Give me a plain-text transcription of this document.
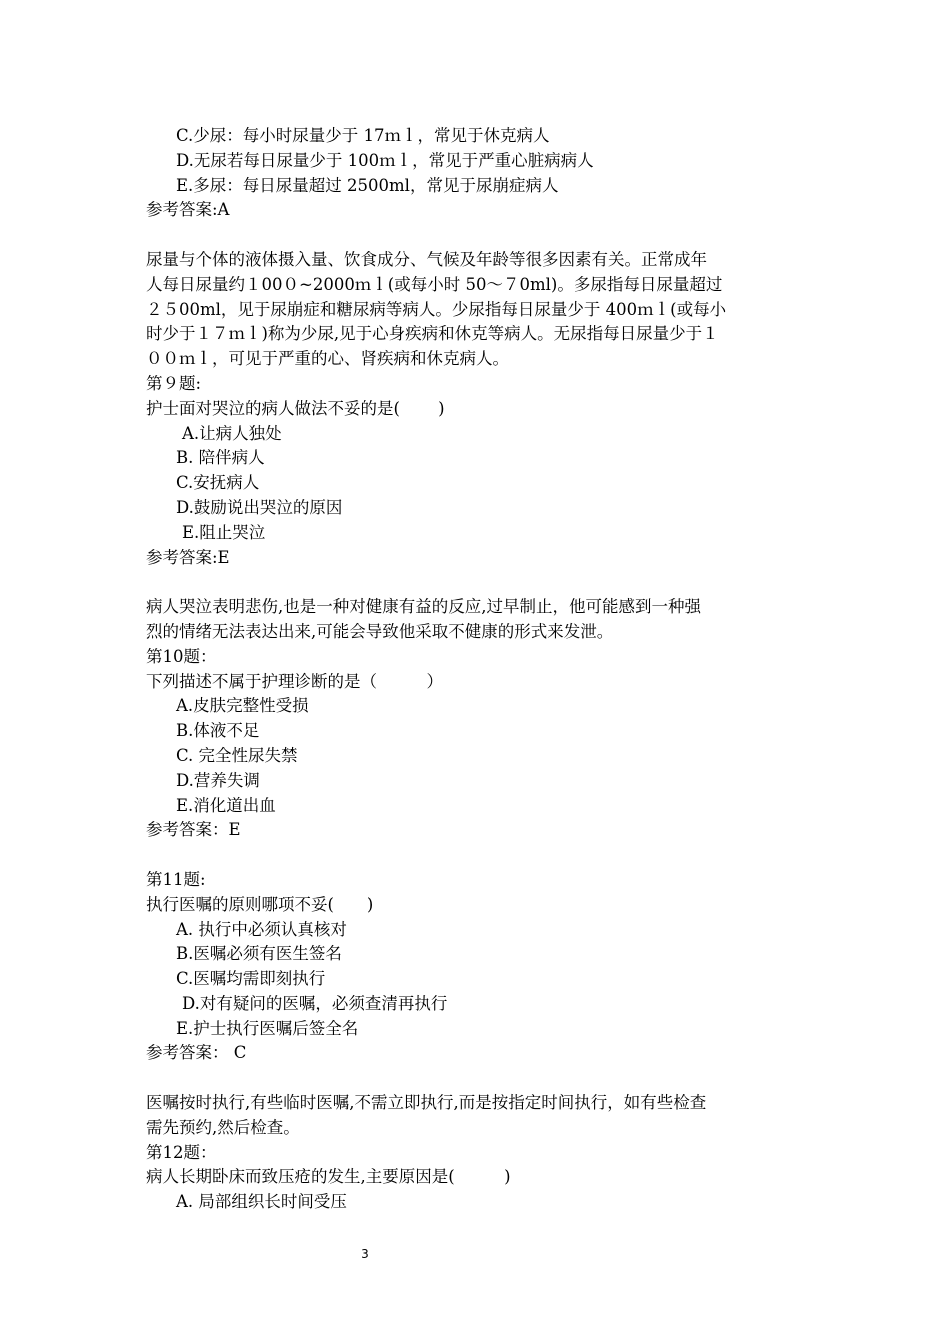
C.少尿：每小时尿量少于 17ｍｌ，常见于休克病人
D.无尿若每日尿量少于 100ｍｌ，常见于严重心脏病病人
E.多尿：每日尿量超过 2500ml，常见于尿崩症病人
参考答案:A
尿量与个体的液体摄入量、饮食成分、气候及年龄等很多因素有关。正常成年
人每日尿量约１00０~2000ｍｌ(或每小时 50～７0ml)。多尿指每日尿量超过
２５00ml，见于尿崩症和糖尿病等病人。少尿指每日尿量少于 400ｍｌ(或每小
时少于１７ｍｌ)称为少尿,见于心身疾病和休克等病人。无尿指每日尿量少于１
００ｍｌ，可见于严重的心、肾疾病和休克病人。
第９题:
护士面对哭泣的病人做法不妥的是(　　 )
A.让病人独处
B. 陪伴病人
C.安抚病人
D.鼓励说出哭泣的原因
E.阻止哭泣
参考答案:E
病人哭泣表明悲伤,也是一种对健康有益的反应,过早制止，他可能感到一种强
烈的情绪无法表达出来,可能会导致他采取不健康的形式来发泄。
第10题：
下列描述不属于护理诊断的是（　　　）
A.皮肤完整性受损
B.体液不足
C. 完全性尿失禁
D.营养失调
E.消化道出血
参考答案：E
第11题:
执行医嘱的原则哪项不妥(　　)
A. 执行中必须认真核对
B.医嘱必须有医生签名
C.医嘱均需即刻执行
D.对有疑问的医嘱，必须查清再执行
E.护士执行医嘱后签全名
参考答案： C
医嘱按时执行,有些临时医嘱,不需立即执行,而是按指定时间执行，如有些检查
需先预约,然后检查。
第12题：
病人长期卧床而致压疮的发生,主要原因是(　　　)
A. 局部组织长时间受压
3
